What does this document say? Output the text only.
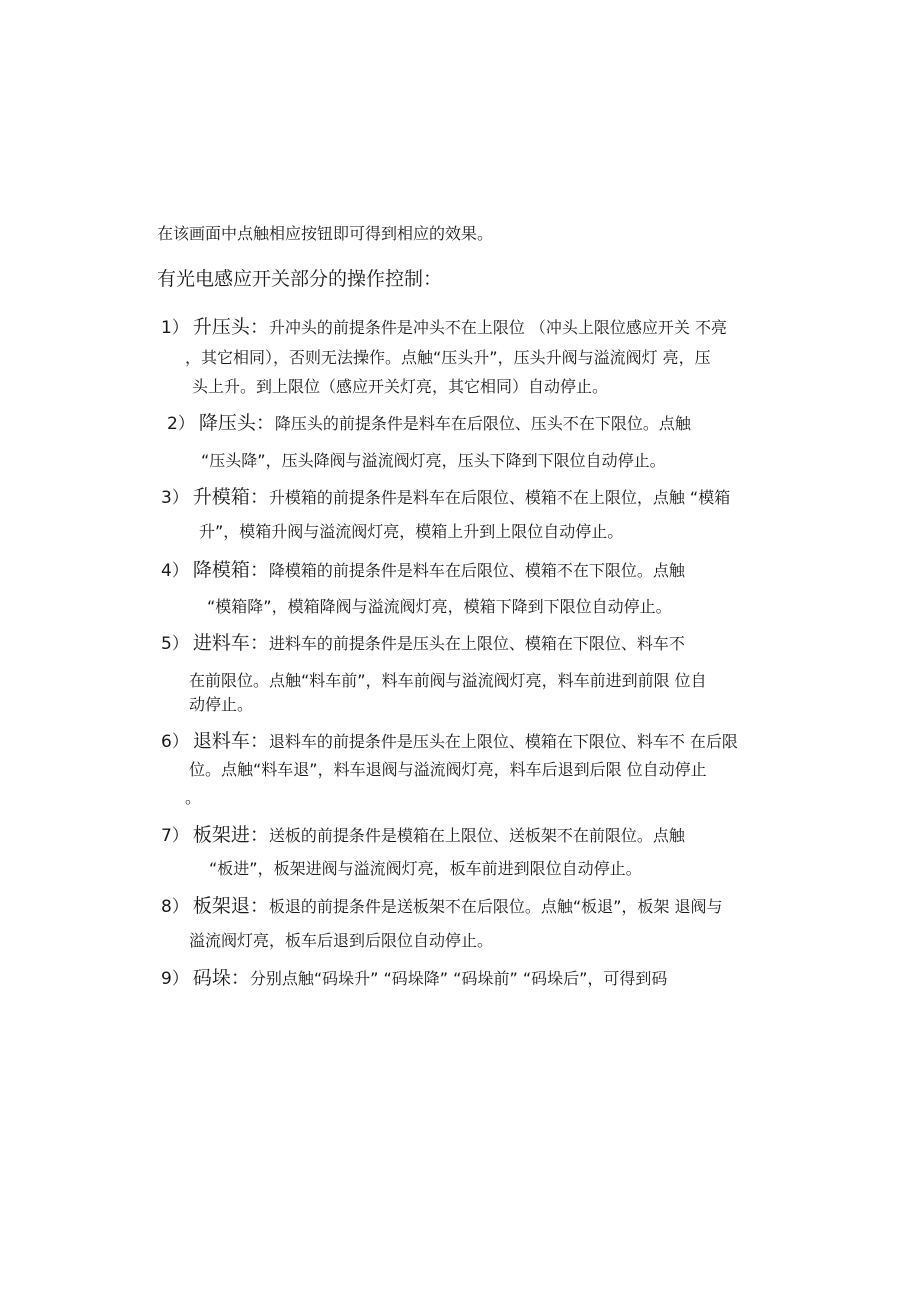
在该画面中点触相应按钮即可得到相应的效果。
有光电感应开关部分的操作控制：
1） 升压头：升冲头的前提条件是冲头不在上限位 （冲头上限位感应开关 不亮
，其它相同），否则无法操作。点触“压头升”，压头升阀与溢流阀灯 亮，压
头上升。到上限位（感应开关灯亮，其它相同）自动停止。
2） 降压头：降压头的前提条件是料车在后限位、压头不在下限位。点触
“压头降”，压头降阀与溢流阀灯亮，压头下降到下限位自动停止。
3） 升模箱：升模箱的前提条件是料车在后限位、模箱不在上限位，点触 “模箱
升”，模箱升阀与溢流阀灯亮，模箱上升到上限位自动停止。
4） 降模箱：降模箱的前提条件是料车在后限位、模箱不在下限位。点触
“模箱降”，模箱降阀与溢流阀灯亮，模箱下降到下限位自动停止。
5） 进料车：进料车的前提条件是压头在上限位、模箱在下限位、料车不
在前限位。点触“料车前”，料车前阀与溢流阀灯亮，料车前进到前限 位自
动停止。
6） 退料车：退料车的前提条件是压头在上限位、模箱在下限位、料车不 在后限
位。点触“料车退”，料车退阀与溢流阀灯亮，料车后退到后限 位自动停止
。
7） 板架进：送板的前提条件是模箱在上限位、送板架不在前限位。点触
“板进”，板架进阀与溢流阀灯亮，板车前进到限位自动停止。
8） 板架退：板退的前提条件是送板架不在后限位。点触“板退”，板架 退阀与
溢流阀灯亮，板车后退到后限位自动停止。
9） 码垛：分别点触“码垛升” “码垛降” “码垛前” “码垛后”，可得到码
